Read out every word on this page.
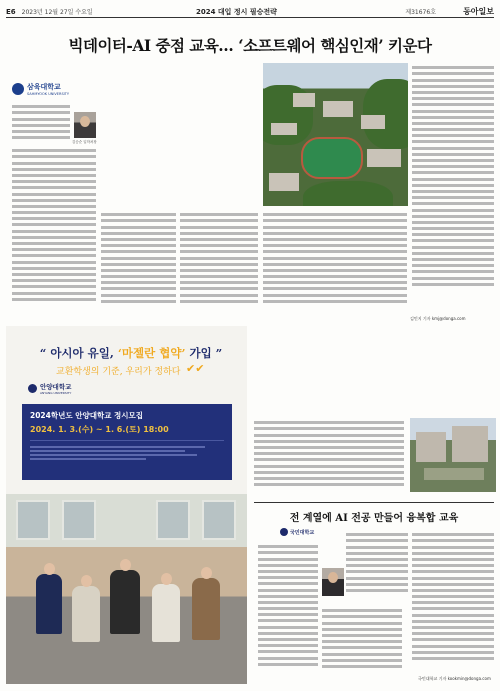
E6 2023년 12월 27일 수요일	2024 대입 정시 필승전략	제31676호	동아일보
빅데이터-AI 중점 교육… ‘소프트웨어 핵심인재’ 키운다
삼육대학교
SAHMYOOK UNIVERSITY
김승순 입학처장
김민지 기자 kmj@donga.com
“ 아시아 유일, ‘마젤란 협약’ 가입 ”
교환학생의 기준, 우리가 정하다 ✔✔
안양대학교
ANYANG UNIVERSITY
2024학년도 안양대학교 정시모집
2024. 1. 3.(수) ~ 1. 6.(토) 18:00
전 계열에 AI 전공 만들어 융복합 교육
국민대학교
국민대학교 기자 kookmin@donga.com
